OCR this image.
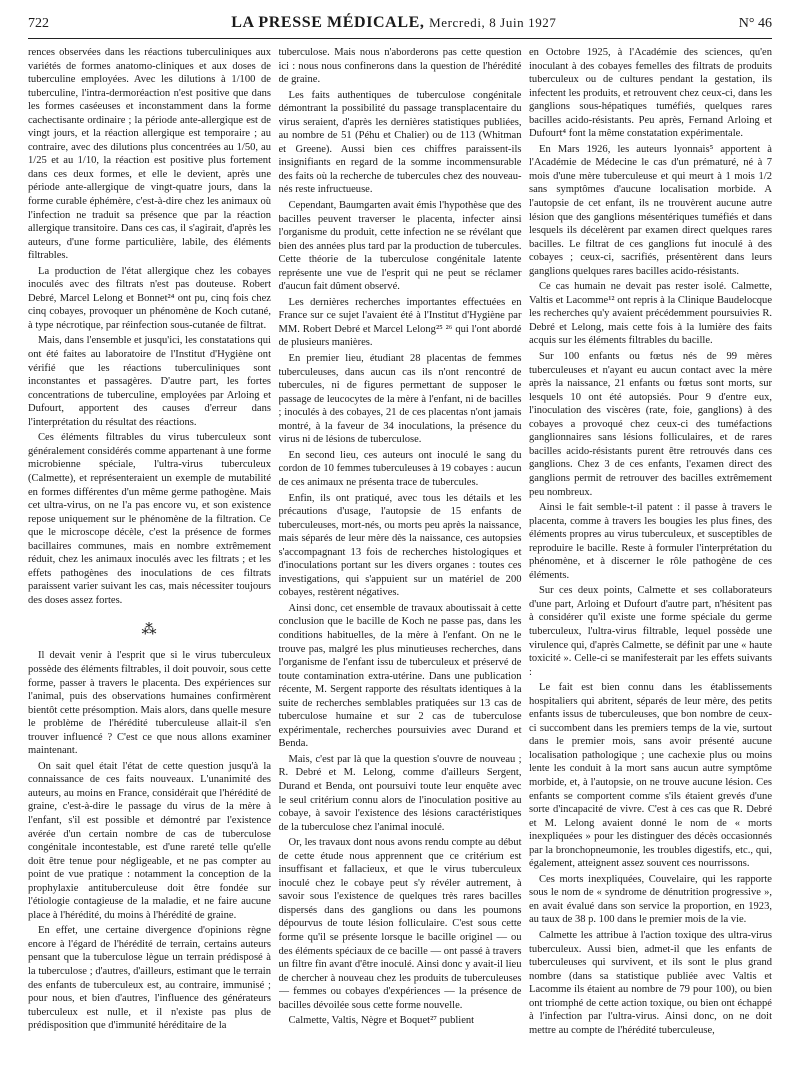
722	LA PRESSE MÉDICALE, Mercredi, 8 Juin 1927	N° 46

rences observées dans les réactions tuberculiniques aux variétés de formes anatomo-cliniques et aux doses de tuberculine employées. Avec les dilutions à 1/100 de tuberculine, l'intra-dermoréaction n'est positive que dans les formes caséeuses et inconstamment dans la forme cachectisante ordinaire ; la période ante-allergique est de vingt jours, et la réaction allergique est temporaire ; au contraire, avec des dilutions plus concentrées au 1/50, au 1/25 et au 1/10, la réaction est positive plus fortement dans ces deux formes, et elle le devient, après une période ante-allergique de vingt-quatre jours, dans la forme curable éphémère, c'est-à-dire chez les animaux où l'infection ne traduit sa présence que par la réaction allergique transitoire. Dans ces cas, il s'agirait, d'après les auteurs, d'une forme particulière, labile, des éléments filtrables.

La production de l'état allergique chez les cobayes inoculés avec des filtrats n'est pas douteuse. Robert Debré, Marcel Lelong et Bonnet²⁴ ont pu, cinq fois chez cinq cobayes, provoquer un phénomène de Koch cutané, à type nécrotique, par réinfection sous-cutanée de filtrat.

Mais, dans l'ensemble et jusqu'ici, les constatations qui ont été faites au laboratoire de l'Institut d'Hygiène ont vérifié que les réactions tuberculiniques sont inconstantes et passagères. D'autre part, les fortes concentrations de tuberculine, employées par Arloing et Dufourt, apportent des causes d'erreur dans l'interprétation du résultat des réactions.

Ces éléments filtrables du virus tuberculeux sont généralement considérés comme appartenant à une forme microbienne spéciale, l'ultra-virus tuberculeux (Calmette), et représenteraient un exemple de mutabilité en formes différentes d'un même germe pathogène. Mais cet ultra-virus, on ne l'a pas encore vu, et son existence repose uniquement sur le phénomène de la filtration. Ce que le microscope décèle, c'est la présence de formes bacillaires communes, mais en nombre extrêmement réduit, chez les animaux inoculés avec les filtrats ; et les effets pathogènes des inoculations de ces filtrats paraissent varier suivant les cas, mais nécessiter toujours des doses assez fortes.

⁂

Il devait venir à l'esprit que si le virus tuberculeux possède des éléments filtrables, il doit pouvoir, sous cette forme, passer à travers le placenta. Des expériences sur l'animal, puis des observations humaines confirmèrent bientôt cette présomption. Mais alors, dans quelle mesure le problème de l'hérédité tuberculeuse allait-il s'en trouver influencé ? C'est ce que nous allons examiner maintenant.

On sait quel était l'état de cette question jusqu'à la connaissance de ces faits nouveaux. L'unanimité des auteurs, au moins en France, considérait que l'hérédité de graine, c'est-à-dire le passage du virus de la mère à l'enfant, s'il est possible et démontré par l'existence avérée d'un certain nombre de cas de tuberculose congénitale incontestable, est d'une rareté telle qu'elle doit être tenue pour négligeable, et ne pas compter au point de vue pratique : notamment la conception de la prophylaxie antituberculeuse doit être fondée sur l'étiologie contagieuse de la maladie, et ne faire aucune place à l'hérédité, du moins à l'hérédité de graine.

En effet, une certaine divergence d'opinions règne encore à l'égard de l'hérédité de terrain, certains auteurs pensant que la tuberculose lègue un terrain prédisposé à la tuberculose ; d'autres, d'ailleurs, estimant que le terrain des enfants de tuberculeux est, au contraire, immunisé ; pour nous, et bien d'autres, l'influence des générateurs tuberculeux est nulle, et il n'existe pas plus de prédisposition que d'immunité héréditaire de la

tuberculose. Mais nous n'aborderons pas cette question ici : nous nous confinerons dans la question de l'hérédité de graine.

Les faits authentiques de tuberculose congénitale démontrant la possibilité du passage transplacentaire du virus seraient, d'après les dernières statistiques publiées, au nombre de 51 (Péhu et Chalier) ou de 113 (Whitman et Greene). Aussi bien ces chiffres paraissent-ils insignifiants en regard de la somme incommensurable des faits où la recherche de tubercules chez des nouveau-nés reste infructueuse.

Cependant, Baumgarten avait émis l'hypothèse que des bacilles peuvent traverser le placenta, infecter ainsi l'organisme du produit, cette infection ne se révélant que bien des années plus tard par la production de tubercules. Cette théorie de la tuberculose congénitale latente représente une vue de l'esprit qui ne peut se réclamer d'aucun fait dûment observé.

Les dernières recherches importantes effectuées en France sur ce sujet l'avaient été à l'Institut d'Hygiène par MM. Robert Debré et Marcel Lelong²⁵ ²⁶ qui l'ont abordé de plusieurs manières.

En premier lieu, étudiant 28 placentas de femmes tuberculeuses, dans aucun cas ils n'ont rencontré de tubercules, ni de figures permettant de supposer le passage de leucocytes de la mère à l'enfant, ni de bacilles ; inoculés à des cobayes, 21 de ces placentas n'ont jamais montré, à la faveur de 34 inoculations, la présence du virus ni de lésions de tuberculose.

En second lieu, ces auteurs ont inoculé le sang du cordon de 10 femmes tuberculeuses à 19 cobayes : aucun de ces animaux ne présenta trace de tubercules.

Enfin, ils ont pratiqué, avec tous les détails et les précautions d'usage, l'autopsie de 15 enfants de tuberculeuses, mort-nés, ou morts peu après la naissance, mais séparés de leur mère dès la naissance, ces autopsies s'accompagnant 13 fois de recherches histologiques et d'inoculations portant sur les divers organes : toutes ces investigations, qui s'appuient sur un matériel de 200 cobayes, restèrent négatives.

Ainsi donc, cet ensemble de travaux aboutissait à cette conclusion que le bacille de Koch ne passe pas, dans les conditions habituelles, de la mère à l'enfant. On ne le trouve pas, malgré les plus minutieuses recherches, dans l'organisme de l'enfant issu de tuberculeux et préservé de toute contamination extra-utérine. Dans une publication récente, M. Sergent rapporte des résultats identiques à la suite de recherches semblables pratiquées sur 13 cas de tuberculose humaine et sur 2 cas de tuberculose expérimentale, recherches poursuivies avec Durand et Benda.

Mais, c'est par là que la question s'ouvre de nouveau ; R. Debré et M. Lelong, comme d'ailleurs Sergent, Durand et Benda, ont poursuivi toute leur enquête avec le seul critérium connu alors de l'inoculation positive au cobaye, à savoir l'existence des lésions caractéristiques de la tuberculose chez l'animal inoculé.

Or, les travaux dont nous avons rendu compte au début de cette étude nous apprennent que ce critérium est insuffisant et fallacieux, et que le virus tuberculeux inoculé chez le cobaye peut s'y révéler autrement, à savoir sous l'existence de quelques très rares bacilles dispersés dans des ganglions ou dans les poumons dépourvus de toute lésion folliculaire. C'est sous cette forme qu'il se présente lorsque le bacille originel — ou des éléments spéciaux de ce bacille — ont passé à travers un filtre fin avant d'être inoculé. Ainsi donc y avait-il lieu de chercher à nouveau chez les produits de tuberculeuses — femmes ou cobayes d'expériences — la présence de bacilles dévoilée sous cette forme nouvelle.

Calmette, Valtis, Nègre et Boquet²⁷ publient

en Octobre 1925, à l'Académie des sciences, qu'en inoculant à des cobayes femelles des filtrats de produits tuberculeux ou de cultures pendant la gestation, ils infectent les produits, et retrouvent chez ceux-ci, dans les ganglions sous-hépatiques tuméfiés, quelques rares bacilles acido-résistants. Peu après, Fernand Arloing et Dufourt⁴ font la même constatation expérimentale.

En Mars 1926, les auteurs lyonnais⁵ apportent à l'Académie de Médecine le cas d'un prématuré, né à 7 mois d'une mère tuberculeuse et qui meurt à 1 mois 1/2 sans symptômes d'aucune localisation morbide. A l'autopsie de cet enfant, ils ne trouvèrent aucune autre lésion que des ganglions mésentériques tuméfiés et dans lesquels ils décelèrent par examen direct quelques rares bacilles. Le filtrat de ces ganglions fut inoculé à des cobayes ; ceux-ci, sacrifiés, présentèrent dans leurs ganglions quelques rares bacilles acido-résistants.

Ce cas humain ne devait pas rester isolé. Calmette, Valtis et Lacomme¹² ont repris à la Clinique Baudelocque les recherches qu'y avaient précédemment poursuivies R. Debré et Lelong, mais cette fois à la lumière des faits acquis sur les éléments filtrables du bacille.

Sur 100 enfants ou fœtus nés de 99 mères tuberculeuses et n'ayant eu aucun contact avec la mère après la naissance, 21 enfants ou fœtus sont morts, sur lesquels 10 ont été autopsiés. Pour 9 d'entre eux, l'inoculation des viscères (rate, foie, ganglions) à des cobayes a provoqué chez ceux-ci des tuméfactions ganglionnaires sans lésions folliculaires, et de rares bacilles acido-résistants purent être retrouvés dans ces ganglions. Chez 3 de ces enfants, l'examen direct des ganglions permit de retrouver des bacilles extrêmement peu nombreux.

Ainsi le fait semble-t-il patent : il passe à travers le placenta, comme à travers les bougies les plus fines, des éléments propres au virus tuberculeux, et susceptibles de reproduire le bacille. Reste à formuler l'interprétation du phénomène, et à discerner le rôle pathogène de ces éléments.

Sur ces deux points, Calmette et ses collaborateurs d'une part, Arloing et Dufourt d'autre part, n'hésitent pas à considérer qu'il existe une forme spéciale du germe tuberculeux, l'ultra-virus filtrable, lequel possède une virulence qui, d'après Calmette, se définit par une « haute toxicité ». Celle-ci se manifesterait par les effets suivants :

Le fait est bien connu dans les établissements hospitaliers qui abritent, séparés de leur mère, des petits enfants issus de tuberculeuses, que bon nombre de ceux-ci succombent dans les premiers temps de la vie, surtout dans le premier mois, sans avoir présenté aucune localisation pathologique ; une cachexie plus ou moins lente les conduit à la mort sans aucun autre symptôme morbide, et, à l'autopsie, on ne trouve aucune lésion. Ces enfants se comportent comme s'ils étaient grevés d'une sorte d'incapacité de vivre. C'est à ces cas que R. Debré et M. Lelong avaient donné le nom de « morts inexpliquées » pour les distinguer des décès occasionnés par la bronchopneumonie, les troubles digestifs, etc., qui, également, atteignent assez souvent ces nourrissons.

Ces morts inexpliquées, Couvelaire, qui les rapporte sous le nom de « syndrome de dénutrition progressive », en avait évalué dans son service la proportion, en 1923, au taux de 38 p. 100 dans le premier mois de la vie.

Calmette les attribue à l'action toxique des ultra-virus tuberculeux. Aussi bien, admet-il que les enfants de tuberculeuses qui survivent, et ils sont le plus grand nombre (dans sa statistique publiée avec Valtis et Lacomme ils étaient au nombre de 79 pour 100), ou bien ont triomphé de cette action toxique, ou bien ont échappé à l'infection par l'ultra-virus. Ainsi donc, on ne doit mettre au compte de l'hérédité tuberculeuse,
